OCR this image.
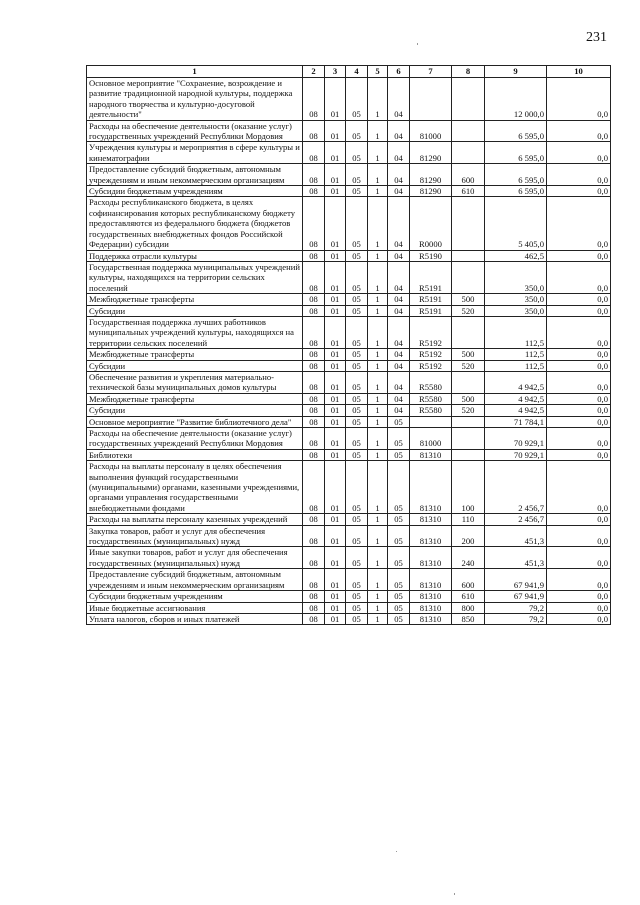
231
1	2	3	4	5	6	7	8	9	10
Основное мероприятие "Сохранение, возрождение и развитие традиционной народной культуры, поддержка народного творчества и культурно-досуговой деятельности"	08	01	05	1	04			12 000,0	0,0
Расходы на обеспечение деятельности (оказание услуг) государственных учреждений Республики Мордовия	08	01	05	1	04	81000		6 595,0	0,0
Учреждения культуры и мероприятия в сфере культуры и кинематографии	08	01	05	1	04	81290		6 595,0	0,0
Предоставление субсидий бюджетным, автономным учреждениям и иным некоммерческим организациям	08	01	05	1	04	81290	600	6 595,0	0,0
Субсидии бюджетным учреждениям	08	01	05	1	04	81290	610	6 595,0	0,0
Расходы республиканского бюджета, в целях софинансирования которых республиканскому бюджету предоставляются из федерального бюджета (бюджетов государственных внебюджетных фондов Российской Федерации) субсидии	08	01	05	1	04	R0000		5 405,0	0,0
Поддержка отрасли культуры	08	01	05	1	04	R5190		462,5	0,0
Государственная поддержка муниципальных учреждений культуры, находящихся на территории сельских поселений	08	01	05	1	04	R5191		350,0	0,0
Межбюджетные трансферты	08	01	05	1	04	R5191	500	350,0	0,0
Субсидии	08	01	05	1	04	R5191	520	350,0	0,0
Государственная поддержка лучших работников муниципальных учреждений культуры, находящихся на территории сельских поселений	08	01	05	1	04	R5192		112,5	0,0
Межбюджетные трансферты	08	01	05	1	04	R5192	500	112,5	0,0
Субсидии	08	01	05	1	04	R5192	520	112,5	0,0
Обеспечение развития и укрепления материально-технической базы муниципальных домов культуры	08	01	05	1	04	R5580		4 942,5	0,0
Межбюджетные трансферты	08	01	05	1	04	R5580	500	4 942,5	0,0
Субсидии	08	01	05	1	04	R5580	520	4 942,5	0,0
Основное мероприятие "Развитие библиотечного дела"	08	01	05	1	05			71 784,1	0,0
Расходы на обеспечение деятельности (оказание услуг) государственных учреждений Республики Мордовия	08	01	05	1	05	81000		70 929,1	0,0
Библиотеки	08	01	05	1	05	81310		70 929,1	0,0
Расходы на выплаты персоналу в целях обеспечения выполнения функций государственными (муниципальными) органами, казенными учреждениями, органами управления государственными внебюджетными фондами	08	01	05	1	05	81310	100	2 456,7	0,0
Расходы на выплаты персоналу казенных учреждений	08	01	05	1	05	81310	110	2 456,7	0,0
Закупка товаров, работ и услуг для обеспечения государственных (муниципальных) нужд	08	01	05	1	05	81310	200	451,3	0,0
Иные закупки товаров, работ и услуг для обеспечения государственных (муниципальных) нужд	08	01	05	1	05	81310	240	451,3	0,0
Предоставление субсидий бюджетным, автономным учреждениям и иным некоммерческим организациям	08	01	05	1	05	81310	600	67 941,9	0,0
Субсидии бюджетным учреждениям	08	01	05	1	05	81310	610	67 941,9	0,0
Иные бюджетные ассигнования	08	01	05	1	05	81310	800	79,2	0,0
Уплата налогов, сборов и иных платежей	08	01	05	1	05	81310	850	79,2	0,0
